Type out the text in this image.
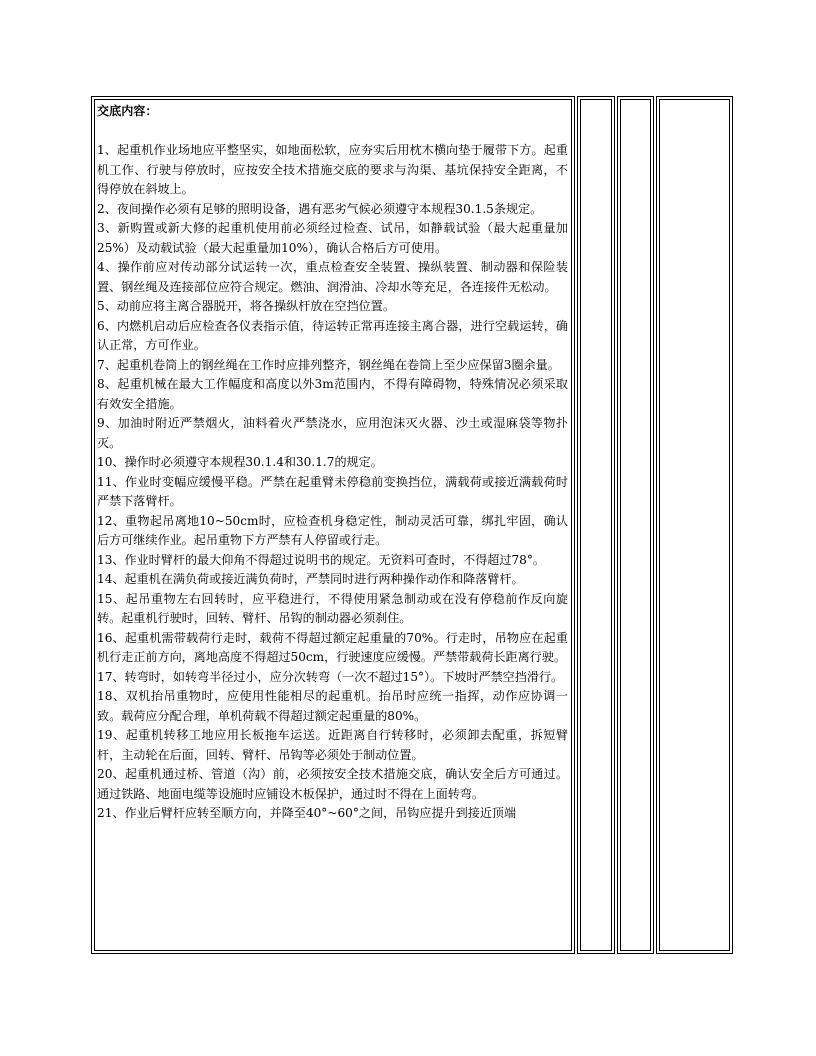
交底内容：

1、起重机作业场地应平整坚实，如地面松软，应夯实后用枕木横向垫于履带下方。起重机工作、行驶与停放时，应按安全技术措施交底的要求与沟渠、基坑保持安全距离，不得停放在斜坡上。

2、夜间操作必须有足够的照明设备，遇有恶劣气候必须遵守本规程30.1.5条规定。

3、新购置或新大修的起重机使用前必须经过检查、试吊，如静载试验（最大起重量加25%）及动载试验（最大起重量加10%），确认合格后方可使用。

4、操作前应对传动部分试运转一次，重点检查安全装置、操纵装置、制动器和保险装置、钢丝绳及连接部位应符合规定。燃油、润滑油、冷却水等充足，各连接件无松动。

5、动前应将主离合器脱开，将各操纵杆放在空挡位置。

6、内燃机启动后应检查各仪表指示值，待运转正常再连接主离合器，进行空载运转，确认正常，方可作业。

7、起重机卷筒上的钢丝绳在工作时应排列整齐，钢丝绳在卷筒上至少应保留3圈余量。

8、起重机械在最大工作幅度和高度以外3m范围内，不得有障碍物，特殊情况必须采取有效安全措施。

9、加油时附近严禁烟火，油料着火严禁浇水，应用泡沫灭火器、沙土或湿麻袋等物扑灭。

10、操作时必须遵守本规程30.1.4和30.1.7的规定。

11、作业时变幅应缓慢平稳。严禁在起重臂未停稳前变换挡位，满载荷或接近满载荷时严禁下落臂杆。

12、重物起吊离地10~50cm时，应检查机身稳定性，制动灵活可靠，绑扎牢固，确认后方可继续作业。起吊重物下方严禁有人停留或行走。

13、作业时臂杆的最大仰角不得超过说明书的规定。无资料可查时，不得超过78°。

14、起重机在满负荷或接近满负荷时，严禁同时进行两种操作动作和降落臂杆。

15、起吊重物左右回转时，应平稳进行，不得使用紧急制动或在没有停稳前作反向旋转。起重机行驶时，回转、臂杆、吊钩的制动器必须刹住。

16、起重机需带载荷行走时，载荷不得超过额定起重量的70%。行走时，吊物应在起重机行走正前方向，离地高度不得超过50cm，行驶速度应缓慢。严禁带载荷长距离行驶。

17、转弯时，如转弯半径过小，应分次转弯（一次不超过15°）。下坡时严禁空挡滑行。

18、双机抬吊重物时，应使用性能相尽的起重机。抬吊时应统一指挥，动作应协调一致。载荷应分配合理，单机荷载不得超过额定起重量的80%。

19、起重机转移工地应用长板拖车运送。近距离自行转移时，必须卸去配重，拆短臂杆，主动轮在后面，回转、臂杆、吊钩等必须处于制动位置。

20、起重机通过桥、管道（沟）前，必须按安全技术措施交底，确认安全后方可通过。通过铁路、地面电缆等设施时应铺设木板保护，通过时不得在上面转弯。

21、作业后臂杆应转至顺方向，并降至40°~60°之间，吊钩应提升到接近顶端
